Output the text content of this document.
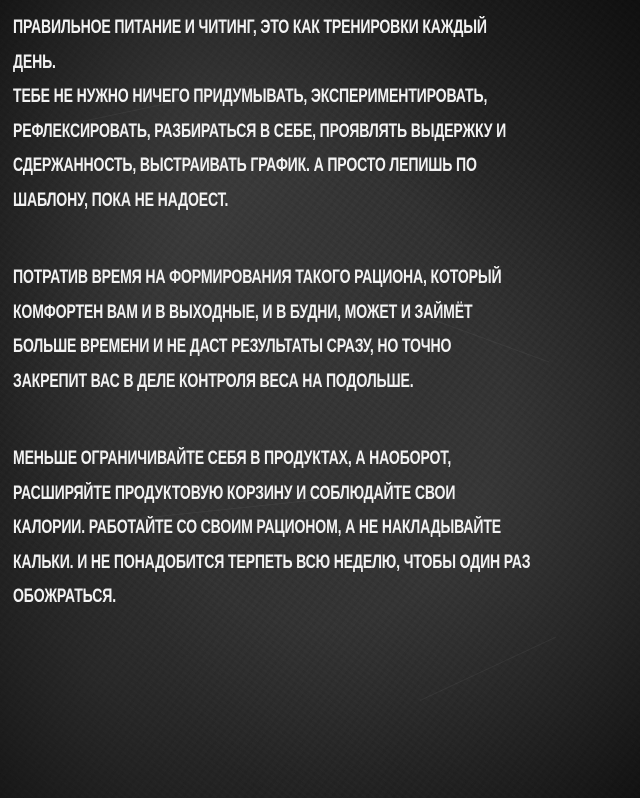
ПРАВИЛЬНОЕ ПИТАНИЕ И ЧИТИНГ, ЭТО КАК ТРЕНИРОВКИ КАЖДЫЙ
ДЕНЬ.
ТЕБЕ НЕ НУЖНО НИЧЕГО ПРИДУМЫВАТЬ, ЭКСПЕРИМЕНТИРОВАТЬ,
РЕФЛЕКСИРОВАТЬ, РАЗБИРАТЬСЯ В СЕБЕ, ПРОЯВЛЯТЬ ВЫДЕРЖКУ И
СДЕРЖАННОСТЬ, ВЫСТРАИВАТЬ ГРАФИК. А ПРОСТО ЛЕПИШЬ ПО
ШАБЛОНУ, ПОКА НЕ НАДОЕСТ.
ПОТРАТИВ ВРЕМЯ НА ФОРМИРОВАНИЯ ТАКОГО РАЦИОНА, КОТОРЫЙ
КОМФОРТЕН ВАМ И В ВЫХОДНЫЕ, И В БУДНИ, МОЖЕТ И ЗАЙМЁТ
БОЛЬШЕ ВРЕМЕНИ И НЕ ДАСТ РЕЗУЛЬТАТЫ СРАЗУ, НО ТОЧНО
ЗАКРЕПИТ ВАС В ДЕЛЕ КОНТРОЛЯ ВЕСА НА ПОДОЛЬШЕ.
МЕНЬШЕ ОГРАНИЧИВАЙТЕ СЕБЯ В ПРОДУКТАХ, А НАОБОРОТ,
РАСШИРЯЙТЕ ПРОДУКТОВУЮ КОРЗИНУ И СОБЛЮДАЙТЕ СВОИ
КАЛОРИИ. РАБОТАЙТЕ СО СВОИМ РАЦИОНОМ, А НЕ НАКЛАДЫВАЙТЕ
КАЛЬКИ. И НЕ ПОНАДОБИТСЯ ТЕРПЕТЬ ВСЮ НЕДЕЛЮ, ЧТОБЫ ОДИН РАЗ
ОБОЖРАТЬСЯ.
